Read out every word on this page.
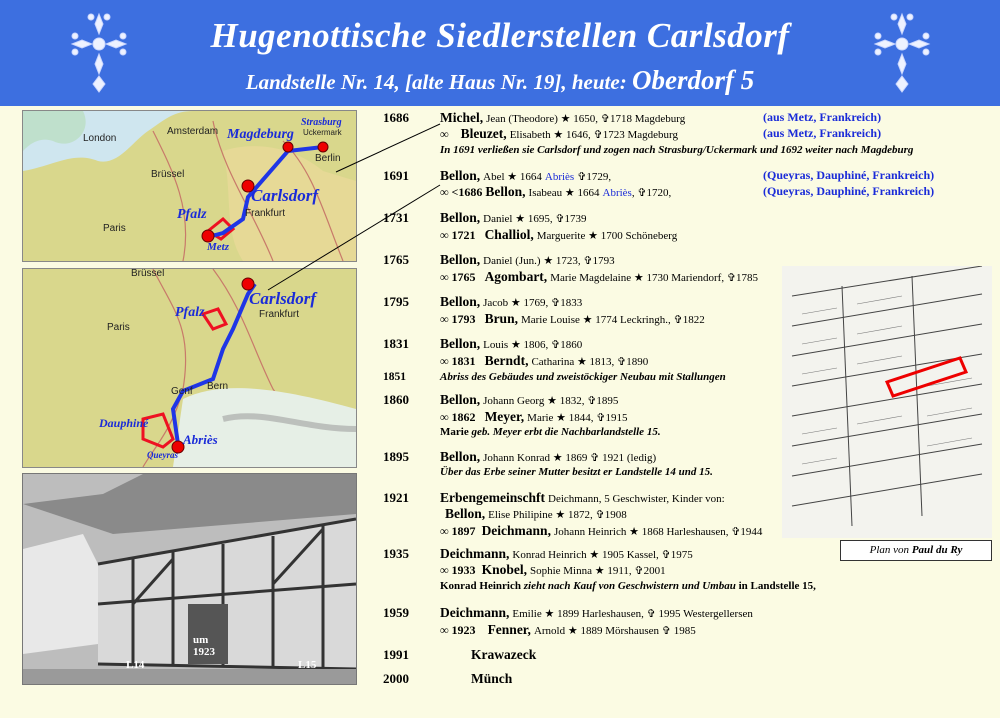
Hugenottische Siedlerstellen Carlsdorf
Landstelle Nr. 14, [alte Haus Nr. 19], heute: Oberdorf 5
London
Amsterdam
Brüssel
Paris
Magdeburg
Strasburg
Uckermark
Berlin
Carlsdorf
Frankfurt
Pfalz
Metz
Brüssel
Paris
Carlsdorf
Frankfurt
Pfalz
Genf Bern
Dauphiné
Abriès
Queyras
L14
um 1923
L15
Plan von Paul du Ry
1686	Michel, Jean (Theodore) ★ 1650, ✞1718 Magdeburg	(aus Metz, Frankreich)
∞ Bleuzet, Elisabeth ★ 1646, ✞1723 Magdeburg	(aus Metz, Frankreich)
In 1691 verließen sie Carlsdorf und zogen nach Strasburg/Uckermark und 1692 weiter nach Magdeburg
1691	Bellon, Abel ★ 1664 Abriès ✞1729,	(Queyras, Dauphiné, Frankreich)
∞ <1686 Bellon, Isabeau ★ 1664 Abriès, ✞1720,	(Queyras, Dauphiné, Frankreich)
1731	Bellon, Daniel ★ 1695, ✞1739
∞ 1721 Challiol, Marguerite ★ 1700 Schöneberg
1765	Bellon, Daniel (Jun.) ★ 1723, ✞1793
∞ 1765 Agombart, Marie Magdelaine ★ 1730 Mariendorf, ✞1785
1795	Bellon, Jacob ★ 1769, ✞1833
∞ 1793 Brun, Marie Louise ★ 1774 Leckringh., ✞1822
1831	Bellon, Louis ★ 1806, ✞1860
∞ 1831 Berndt, Catharina ★ 1813, ✞1890
1851	Abriss des Gebäudes und zweistöckiger Neubau mit Stallungen
1860	Bellon, Johann Georg ★ 1832, ✞1895
∞ 1862 Meyer, Marie ★ 1844, ✞1915
Marie geb. Meyer erbt die Nachbarlandstelle 15.
1895	Bellon, Johann Konrad ★ 1869 ✞ 1921 (ledig)
Über das Erbe seiner Mutter besitzt er Landstelle 14 und 15.
1921	Erbengemeinschft Deichmann, 5 Geschwister, Kinder von:
Bellon, Elise Philipine ★ 1872, ✞1908
∞ 1897 Deichmann, Johann Heinrich ★ 1868 Harleshausen, ✞1944
1935	Deichmann, Konrad Heinrich ★ 1905 Kassel, ✞1975
∞ 1933 Knobel, Sophie Minna ★ 1911, ✞2001
Konrad Heinrich zieht nach Kauf von Geschwistern und Umbau in Landstelle 15,
1959	Deichmann, Emilie ★ 1899 Harleshausen, ✞ 1995 Westergellersen
∞ 1923 Fenner, Arnold ★ 1889 Mörshausen ✞ 1985
1991	Krawazeck
2000	Münch
